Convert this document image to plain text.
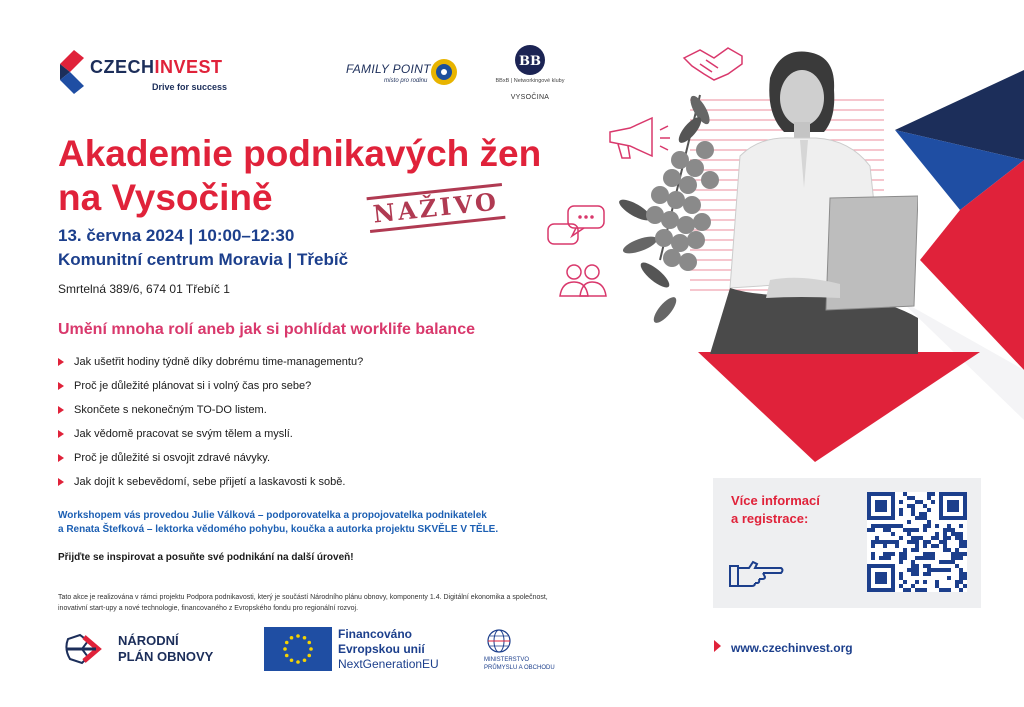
CZECHINVEST
Drive for success
FAMILY POINT
místo pro rodinu
BB
BBxB | Networkingové kluby
VYSOČINA
Akademie podnikavých žen
na Vysočině	NAŽIVO
13. června 2024 | 10:00–12:30
Komunitní centrum Moravia | Třebíč
Smrtelná 389/6, 674 01 Třebíč 1
Umění mnoha rolí aneb jak si pohlídat worklife balance
Jak ušetřit hodiny týdně díky dobrému time-managementu?
Proč je důležité plánovat si i volný čas pro sebe?
Skončete s nekonečným TO-DO listem.
Jak vědomě pracovat se svým tělem a myslí.
Proč je důležité si osvojit zdravé návyky.
Jak dojít k sebevědomí, sebe přijetí a laskavosti k sobě.
Workshopem vás provedou Julie Válková – podporovatelka a propojovatelka podnikatelek
a Renata Štefková – lektorka vědomého pohybu, koučka a autorka projektu SKVĚLE V TĚLE.
Přijďte se inspirovat a posuňte své podnikání na další úroveň!
Tato akce je realizována v rámci projektu Podpora podnikavosti, který je součástí Národního plánu obnovy, komponenty 1.4. Digitální ekonomika a společnost,
inovativní start-upy a nové technologie, financovaného z Evropského fondu pro regionální rozvoj.
Více informací
a registrace:
NÁRODNÍ
PLÁN OBNOVY
Financováno
Evropskou unií
NextGenerationEU	MINISTERSTVO
PRŮMYSLU A OBCHODU
www.czechinvest.org
